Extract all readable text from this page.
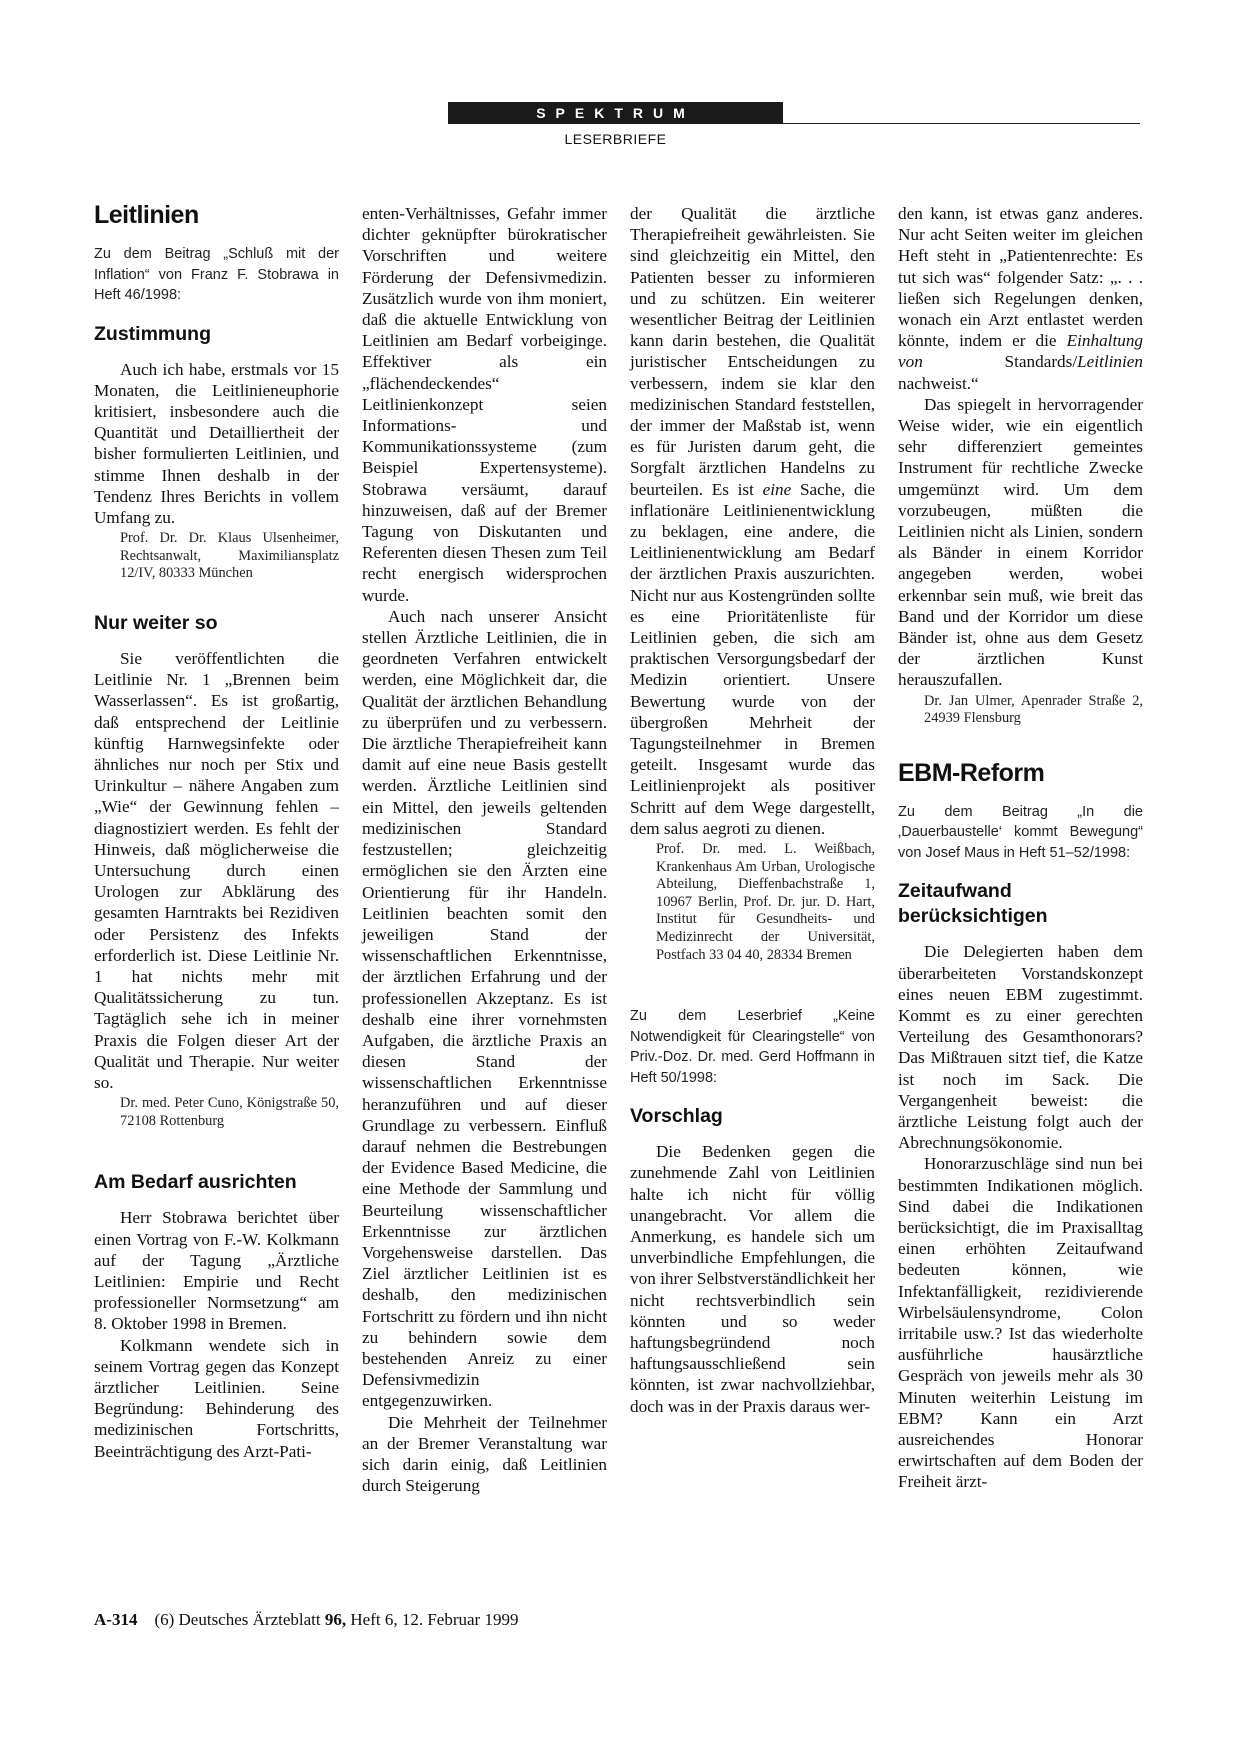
SPEKTRUM
LESERBRIEFE
Leitlinien

Zu dem Beitrag „Schluß mit der Inflation“ von Franz F. Stobrawa in Heft 46/1998:

Zustimmung

Auch ich habe, erstmals vor 15 Monaten, die Leitlinieneuphorie kritisiert, insbesondere auch die Quantität und Detailliertheit der bisher formulierten Leitlinien, und stimme Ihnen deshalb in der Tendenz Ihres Berichts in vollem Umfang zu.

Prof. Dr. Dr. Klaus Ulsenheimer, Rechtsanwalt, Maximiliansplatz 12/IV, 80333 München

Nur weiter so

Sie veröffentlichten die Leitlinie Nr. 1 „Brennen beim Wasserlassen“. Es ist großartig, daß entsprechend der Leitlinie künftig Harnwegsinfekte oder ähnliches nur noch per Stix und Urinkultur – nähere Angaben zum „Wie“ der Gewinnung fehlen – diagnostiziert werden. Es fehlt der Hinweis, daß möglicherweise die Untersuchung durch einen Urologen zur Abklärung des gesamten Harntrakts bei Rezidiven oder Persistenz des Infekts erforderlich ist. Diese Leitlinie Nr. 1 hat nichts mehr mit Qualitätssicherung zu tun. Tagtäglich sehe ich in meiner Praxis die Folgen dieser Art der Qualität und Therapie. Nur weiter so.

Dr. med. Peter Cuno, Königstraße 50, 72108 Rottenburg

Am Bedarf ausrichten

Herr Stobrawa berichtet über einen Vortrag von F.-W. Kolkmann auf der Tagung „Ärztliche Leitlinien: Empirie und Recht professioneller Normsetzung“ am 8. Oktober 1998 in Bremen.

Kolkmann wendete sich in seinem Vortrag gegen das Konzept ärztlicher Leitlinien. Seine Begründung: Behinderung des medizinischen Fortschritts, Beeinträchtigung des Arzt-Pati-

enten-Verhältnisses, Gefahr immer dichter geknüpfter bürokratischer Vorschriften und weitere Förderung der Defensivmedizin. Zusätzlich wurde von ihm moniert, daß die aktuelle Entwicklung von Leitlinien am Bedarf vorbeiginge. Effektiver als ein „flächendeckendes“ Leitlinienkonzept seien Informations- und Kommunikationssysteme (zum Beispiel Expertensysteme). Stobrawa versäumt, darauf hinzuweisen, daß auf der Bremer Tagung von Diskutanten und Referenten diesen Thesen zum Teil recht energisch widersprochen wurde.

Auch nach unserer Ansicht stellen Ärztliche Leitlinien, die in geordneten Verfahren entwickelt werden, eine Möglichkeit dar, die Qualität der ärztlichen Behandlung zu überprüfen und zu verbessern. Die ärztliche Therapiefreiheit kann damit auf eine neue Basis gestellt werden. Ärztliche Leitlinien sind ein Mittel, den jeweils geltenden medizinischen Standard festzustellen; gleichzeitig ermöglichen sie den Ärzten eine Orientierung für ihr Handeln. Leitlinien beachten somit den jeweiligen Stand der wissenschaftlichen Erkenntnisse, der ärztlichen Erfahrung und der professionellen Akzeptanz. Es ist deshalb eine ihrer vornehmsten Aufgaben, die ärztliche Praxis an diesen Stand der wissenschaftlichen Erkenntnisse heranzuführen und auf dieser Grundlage zu verbessern. Einfluß darauf nehmen die Bestrebungen der Evidence Based Medicine, die eine Methode der Sammlung und Beurteilung wissenschaftlicher Erkenntnisse zur ärztlichen Vorgehensweise darstellen. Das Ziel ärztlicher Leitlinien ist es deshalb, den medizinischen Fortschritt zu fördern und ihn nicht zu behindern sowie dem bestehenden Anreiz zu einer Defensivmedizin entgegenzuwirken.

Die Mehrheit der Teilnehmer an der Bremer Veranstaltung war sich darin einig, daß Leitlinien durch Steigerung

der Qualität die ärztliche Therapiefreiheit gewährleisten. Sie sind gleichzeitig ein Mittel, den Patienten besser zu informieren und zu schützen. Ein weiterer wesentlicher Beitrag der Leitlinien kann darin bestehen, die Qualität juristischer Entscheidungen zu verbessern, indem sie klar den medizinischen Standard feststellen, der immer der Maßstab ist, wenn es für Juristen darum geht, die Sorgfalt ärztlichen Handelns zu beurteilen. Es ist eine Sache, die inflationäre Leitlinienentwicklung zu beklagen, eine andere, die Leitlinienentwicklung am Bedarf der ärztlichen Praxis auszurichten. Nicht nur aus Kostengründen sollte es eine Prioritätenliste für Leitlinien geben, die sich am praktischen Versorgungsbedarf der Medizin orientiert. Unsere Bewertung wurde von der übergroßen Mehrheit der Tagungsteilnehmer in Bremen geteilt. Insgesamt wurde das Leitlinienprojekt als positiver Schritt auf dem Wege dargestellt, dem salus aegroti zu dienen.

Prof. Dr. med. L. Weißbach, Krankenhaus Am Urban, Urologische Abteilung, Dieffenbachstraße 1, 10967 Berlin, Prof. Dr. jur. D. Hart, Institut für Gesundheits- und Medizinrecht der Universität, Postfach 33 04 40, 28334 Bremen

Zu dem Leserbrief „Keine Notwendigkeit für Clearingstelle“ von Priv.-Doz. Dr. med. Gerd Hoffmann in Heft 50/1998:

Vorschlag

Die Bedenken gegen die zunehmende Zahl von Leitlinien halte ich nicht für völlig unangebracht. Vor allem die Anmerkung, es handele sich um unverbindliche Empfehlungen, die von ihrer Selbstverständlichkeit her nicht rechtsverbindlich sein könnten und so weder haftungsbegründend noch haftungsausschließend sein könnten, ist zwar nachvollziehbar, doch was in der Praxis daraus wer-

den kann, ist etwas ganz anderes. Nur acht Seiten weiter im gleichen Heft steht in „Patientenrechte: Es tut sich was“ folgender Satz: „. . . ließen sich Regelungen denken, wonach ein Arzt entlastet werden könnte, indem er die Einhaltung von	Standards/Leitlinien nachweist.“

Das spiegelt in hervorragender Weise wider, wie ein eigentlich sehr differenziert gemeintes Instrument für rechtliche Zwecke umgemünzt wird. Um dem vorzubeugen, müßten die Leitlinien nicht als Linien, sondern als Bänder in einem Korridor angegeben werden, wobei erkennbar sein muß, wie breit das Band und der Korridor um diese Bänder ist, ohne aus dem Gesetz der ärztlichen Kunst herauszufallen.

Dr. Jan Ulmer, Apenrader Straße 2, 24939 Flensburg

EBM-Reform

Zu dem Beitrag „In die ‚Dauerbaustelle‘ kommt Bewegung“ von Josef Maus in Heft 51–52/1998:

Zeitaufwand berücksichtigen

Die Delegierten haben dem überarbeiteten Vorstandskonzept eines neuen EBM zugestimmt. Kommt es zu einer gerechten Verteilung des Gesamthonorars? Das Mißtrauen sitzt tief, die Katze ist noch im Sack. Die Vergangenheit beweist: die ärztliche Leistung folgt auch der Abrechnungsökonomie.

Honorarzuschläge sind nun bei bestimmten Indikationen möglich. Sind dabei die Indikationen berücksichtigt, die im Praxisalltag einen erhöhten Zeitaufwand bedeuten können, wie Infektanfälligkeit, rezidivierende Wirbelsäulensyndrome, Colon irritabile usw.? Ist das wiederholte ausführliche hausärztliche Gespräch von jeweils mehr als 30 Minuten weiterhin Leistung im EBM? Kann ein Arzt ausreichendes Honorar erwirtschaften auf dem Boden der Freiheit ärzt-

A-314 (6) Deutsches Ärzteblatt 96, Heft 6, 12. Februar 1999
